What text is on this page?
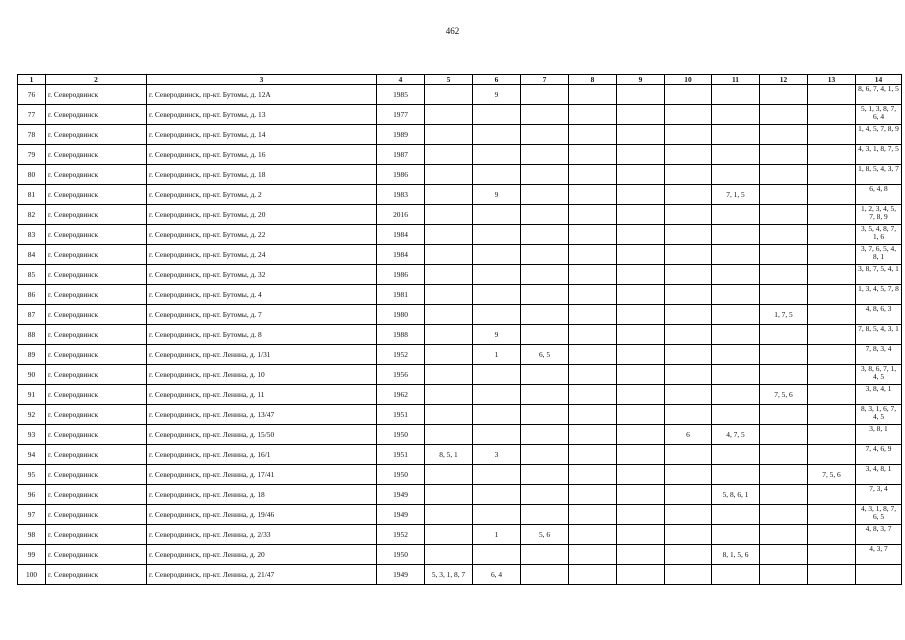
462
1	2	3	4	5	6	7	8	9	10	11	12	13	14
76	г. Северодвинск	г. Северодвинск, пр-кт. Бутомы, д. 12А	1985		9								8, 6, 7, 4, 1, 5
77	г. Северодвинск	г. Северодвинск, пр-кт. Бутомы, д. 13	1977										5, 1, 3, 8, 7, 6, 4
78	г. Северодвинск	г. Северодвинск, пр-кт. Бутомы, д. 14	1989										1, 4, 5, 7, 8, 9
79	г. Северодвинск	г. Северодвинск, пр-кт. Бутомы, д. 16	1987										4, 3, 1, 8, 7, 5
80	г. Северодвинск	г. Северодвинск, пр-кт. Бутомы, д. 18	1986										1, 8, 5, 4, 3, 7
81	г. Северодвинск	г. Северодвинск, пр-кт. Бутомы, д. 2	1983		9					7, 1, 5			6, 4, 8
82	г. Северодвинск	г. Северодвинск, пр-кт. Бутомы, д. 20	2016										1, 2, 3, 4, 5, 7, 8, 9
83	г. Северодвинск	г. Северодвинск, пр-кт. Бутомы, д. 22	1984										3, 5, 4, 8, 7, 1, 6
84	г. Северодвинск	г. Северодвинск, пр-кт. Бутомы, д. 24	1984										3, 7, 6, 5, 4, 8, 1
85	г. Северодвинск	г. Северодвинск, пр-кт. Бутомы, д. 32	1986										3, 8, 7, 5, 4, 1
86	г. Северодвинск	г. Северодвинск, пр-кт. Бутомы, д. 4	1981										1, 3, 4, 5, 7, 8
87	г. Северодвинск	г. Северодвинск, пр-кт. Бутомы, д. 7	1980								1, 7, 5		4, 8, 6, 3
88	г. Северодвинск	г. Северодвинск, пр-кт. Бутомы, д. 8	1988		9								7, 8, 5, 4, 3, 1
89	г. Северодвинск	г. Северодвинск, пр-кт. Ленина, д. 1/31	1952		1	6, 5							7, 8, 3, 4
90	г. Северодвинск	г. Северодвинск, пр-кт. Ленина, д. 10	1956										3, 8, 6, 7, 1, 4, 5
91	г. Северодвинск	г. Северодвинск, пр-кт. Ленина, д. 11	1962								7, 5, 6		3, 8, 4, 1
92	г. Северодвинск	г. Северодвинск, пр-кт. Ленина, д. 13/47	1951										8, 3, 1, 6, 7, 4, 5
93	г. Северодвинск	г. Северодвинск, пр-кт. Ленина, д. 15/50	1950						6	4, 7, 5			3, 8, 1
94	г. Северодвинск	г. Северодвинск, пр-кт. Ленина, д. 16/1	1951	8, 5, 1	3								7, 4, 6, 9
95	г. Северодвинск	г. Северодвинск, пр-кт. Ленина, д. 17/41	1950									7, 5, 6	3, 4, 8, 1
96	г. Северодвинск	г. Северодвинск, пр-кт. Ленина, д. 18	1949							5, 8, 6, 1			7, 3, 4
97	г. Северодвинск	г. Северодвинск, пр-кт. Ленина, д. 19/46	1949										4, 3, 1, 8, 7, 6, 5
98	г. Северодвинск	г. Северодвинск, пр-кт. Ленина, д. 2/33	1952		1	5, 6							4, 8, 3, 7
99	г. Северодвинск	г. Северодвинск, пр-кт. Ленина, д. 20	1950							8, 1, 5, 6			4, 3, 7
100	г. Северодвинск	г. Северодвинск, пр-кт. Ленина, д. 21/47	1949	5, 3, 1, 8, 7	6, 4								
